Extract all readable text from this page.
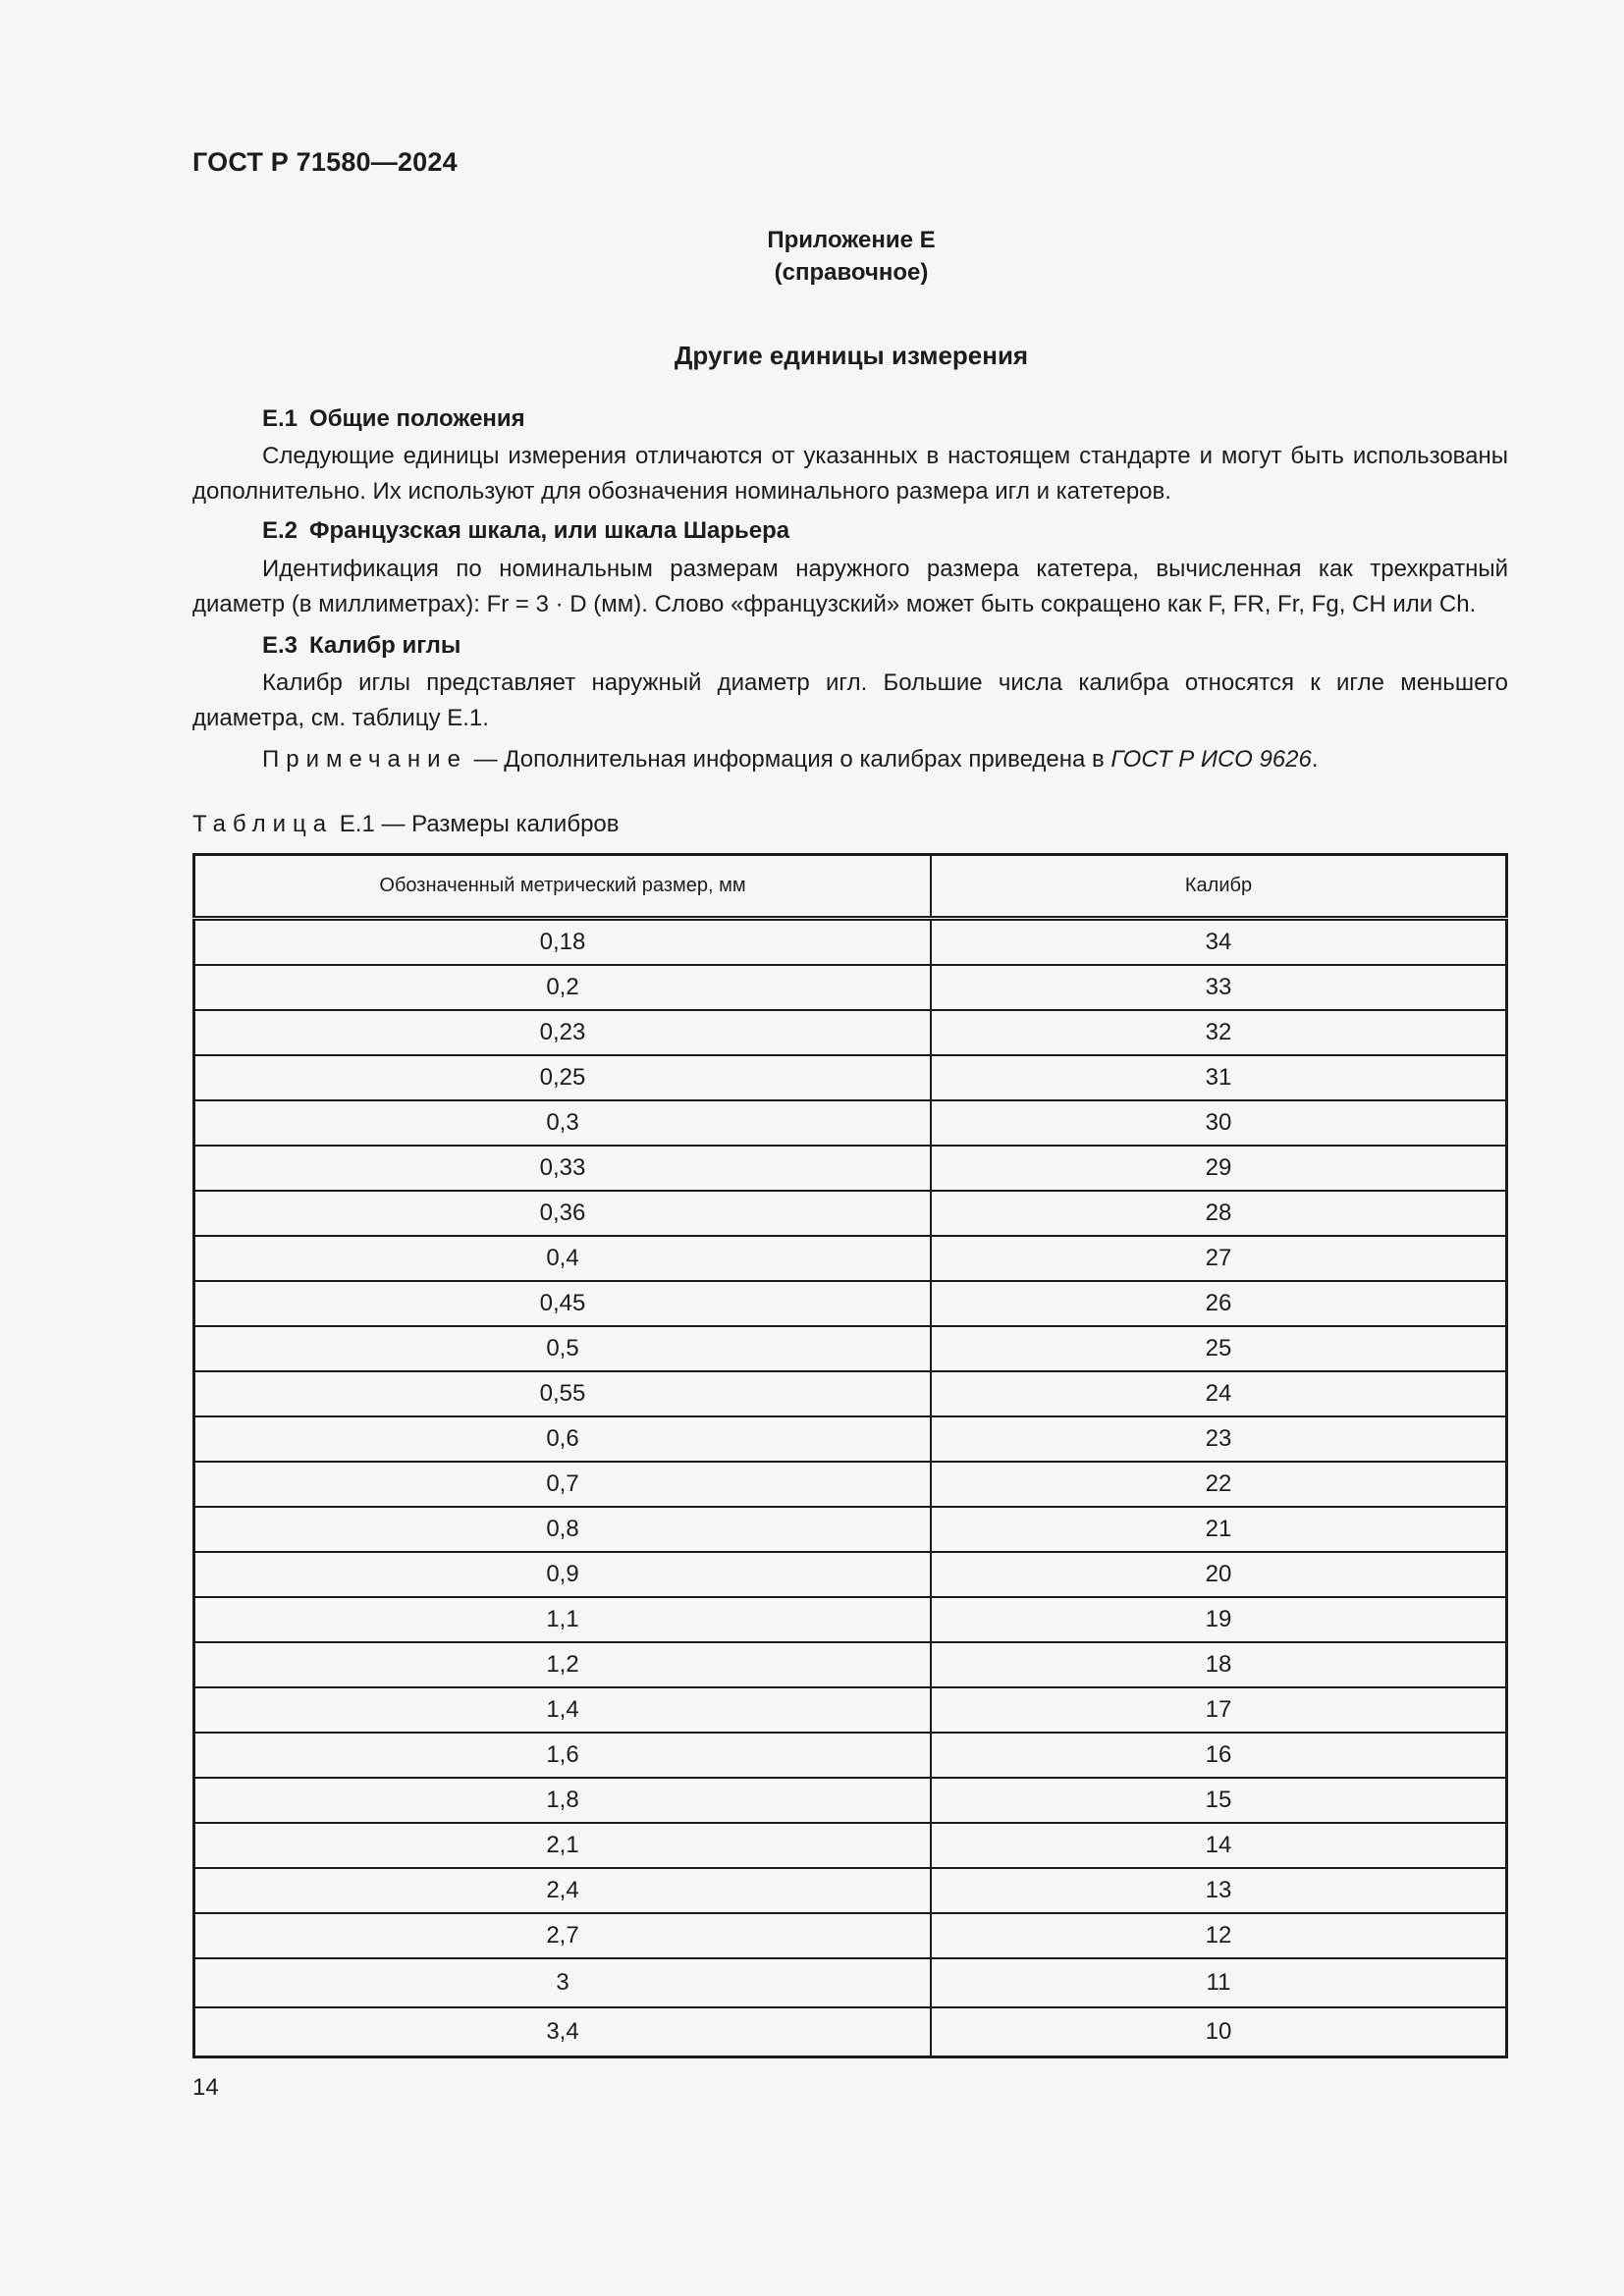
ГОСТ Р 71580—2024
Приложение Е
(справочное)
Другие единицы измерения
Е.1 Общие положения
Следующие единицы измерения отличаются от указанных в настоящем стандарте и могут быть использованы дополнительно. Их используют для обозначения номинального размера игл и катетеров.
Е.2 Французская шкала, или шкала Шарьера
Идентификация по номинальным размерам наружного размера катетера, вычисленная как трехкратный диаметр (в миллиметрах): Fr = 3 · D (мм). Слово «французский» может быть сокращено как F, FR, Fr, Fg, CH или Ch.
Е.3 Калибр иглы
Калибр иглы представляет наружный диаметр игл. Большие числа калибра относятся к игле меньшего диаметра, см. таблицу Е.1.
Примечание — Дополнительная информация о калибрах приведена в ГОСТ Р ИСО 9626.
Таблица Е.1 — Размеры калибров
Обозначенный метрический размер, мм	Калибр
0,18	34
0,2	33
0,23	32
0,25	31
0,3	30
0,33	29
0,36	28
0,4	27
0,45	26
0,5	25
0,55	24
0,6	23
0,7	22
0,8	21
0,9	20
1,1	19
1,2	18
1,4	17
1,6	16
1,8	15
2,1	14
2,4	13
2,7	12
3	11
3,4	10
14
